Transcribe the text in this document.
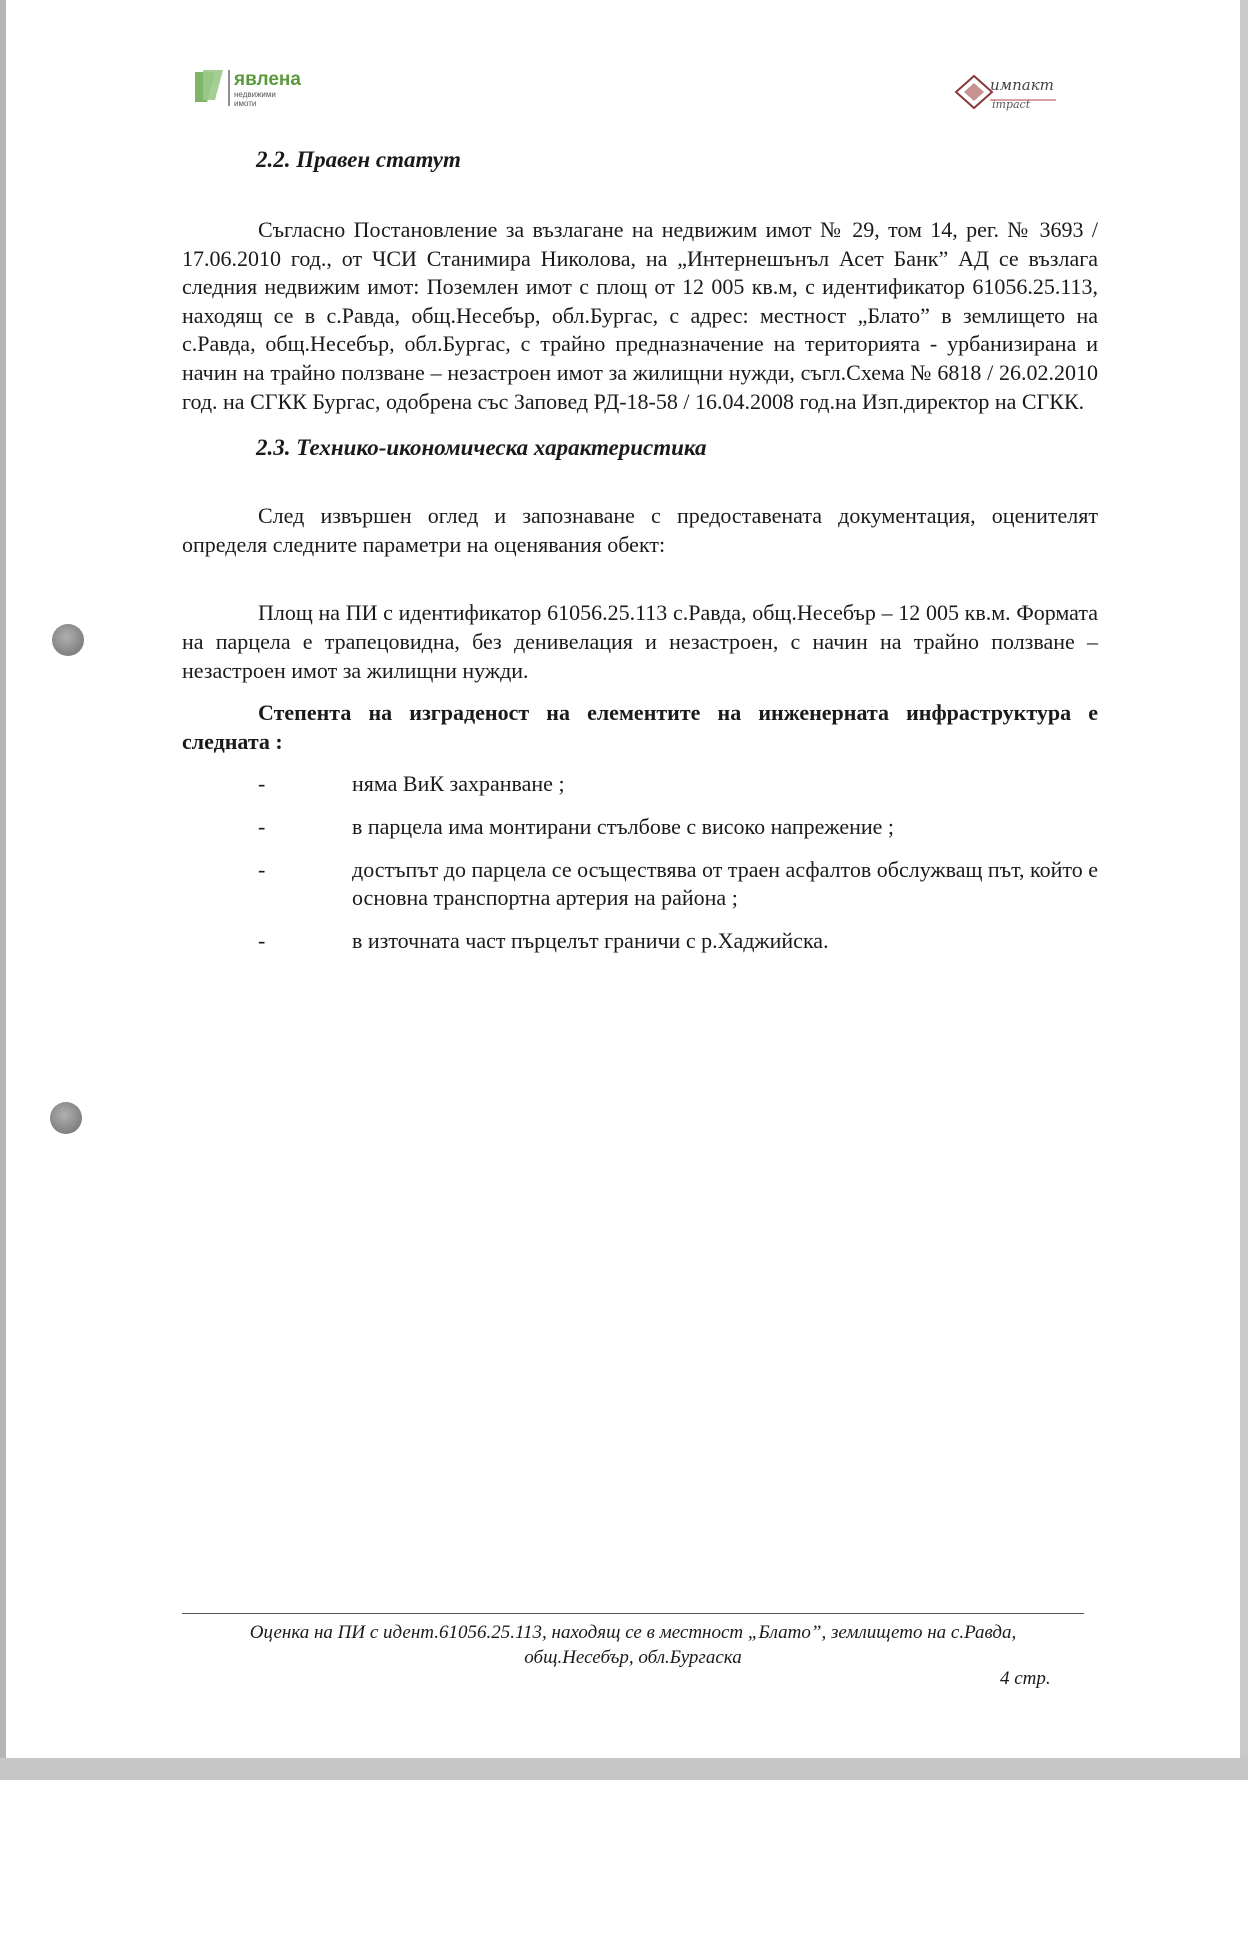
явлена
недвижими
имоти
импакт
impact
2.2. Правен статут

Съгласно Постановление за възлагане на недвижим имот № 29, том 14, рег. № 3693 / 17.06.2010 год., от ЧСИ Станимира Николова, на „Интернешънъл Асет Банк” АД се възлага следния недвижим имот: Поземлен имот с площ от 12 005 кв.м, с идентификатор 61056.25.113, находящ се в с.Равда, общ.Несебър, обл.Бургас, с адрес: местност „Блато” в землището на с.Равда, общ.Несебър, обл.Бургас, с трайно предназначение на територията - урбанизирана и начин на трайно ползване – незастроен имот за жилищни нужди, съгл.Схема № 6818 / 26.02.2010 год. на СГКК Бургас, одобрена със Заповед РД-18-58 / 16.04.2008 год.на Изп.директор на СГКК.

2.3. Технико-икономическа характеристика

След извършен оглед и запознаване с предоставената документация, оценителят определя следните параметри на оценявания обект:

Площ на ПИ с идентификатор 61056.25.113 с.Равда, общ.Несебър – 12 005 кв.м. Формата на парцела е трапецовидна, без денивелация и незастроен, с начин на трайно ползване – незастроен имот за жилищни нужди.

Степента на изграденост на елементите на инженерната инфраструктура е следната :

-	няма ВиК захранване ;
-	в парцела има монтирани стълбове с високо напрежение ;
-	достъпът до парцела се осъществява от траен асфалтов обслужващ път, който е основна транспортна артерия на района ;
-	в източната част пърцелът граничи с р.Хаджийска.
Оценка на ПИ с идент.61056.25.113, находящ се в местност „Блато”, землището на с.Равда,
общ.Несебър, обл.Бургаска
4 стр.
